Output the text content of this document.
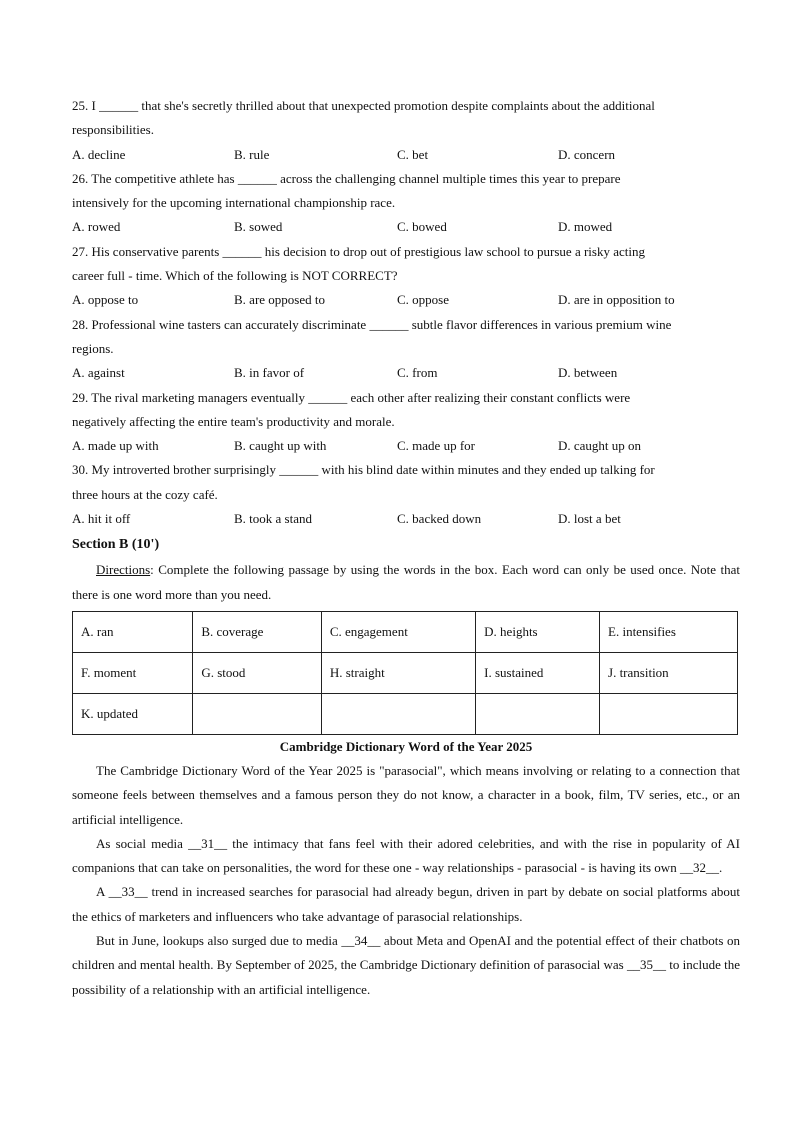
25. I ______ that she's secretly thrilled about that unexpected promotion despite complaints about the additional
responsibilities.
A. decline	B. rule	C. bet	D. concern
26. The competitive athlete has ______ across the challenging channel multiple times this year to prepare
intensively for the upcoming international championship race.
A. rowed	B. sowed	C. bowed	D. mowed
27. His conservative parents ______ his decision to drop out of prestigious law school to pursue a risky acting
career full - time. Which of the following is NOT CORRECT?
A. oppose to	B. are opposed to	C. oppose	D. are in opposition to
28. Professional wine tasters can accurately discriminate ______ subtle flavor differences in various premium wine
regions.
A. against	B. in favor of	C. from	D. between
29. The rival marketing managers eventually ______ each other after realizing their constant conflicts were
negatively affecting the entire team's productivity and morale.
A. made up with	B. caught up with	C. made up for	D. caught up on
30. My introverted brother surprisingly ______ with his blind date within minutes and they ended up talking for
three hours at the cozy café.
A. hit it off	B. took a stand	C. backed down	D. lost a bet
Section B (10')
Directions: Complete the following passage by using the words in the box. Each word can only be used once. Note that there is one word more than you need.
A. ran	B. coverage	C. engagement	D. heights	E. intensifies
F. moment	G. stood	H. straight	I. sustained	J. transition
K. updated				
Cambridge Dictionary Word of the Year 2025
The Cambridge Dictionary Word of the Year 2025 is "parasocial", which means involving or relating to a connection that someone feels between themselves and a famous person they do not know, a character in a book, film, TV series, etc., or an artificial intelligence.
As social media __31__ the intimacy that fans feel with their adored celebrities, and with the rise in popularity of AI companions that can take on personalities, the word for these one - way relationships - parasocial - is having its own __32__.
A __33__ trend in increased searches for parasocial had already begun, driven in part by debate on social platforms about the ethics of marketers and influencers who take advantage of parasocial relationships.
But in June, lookups also surged due to media __34__ about Meta and OpenAI and the potential effect of their chatbots on children and mental health. By September of 2025, the Cambridge Dictionary definition of parasocial was __35__ to include the possibility of a relationship with an artificial intelligence.
